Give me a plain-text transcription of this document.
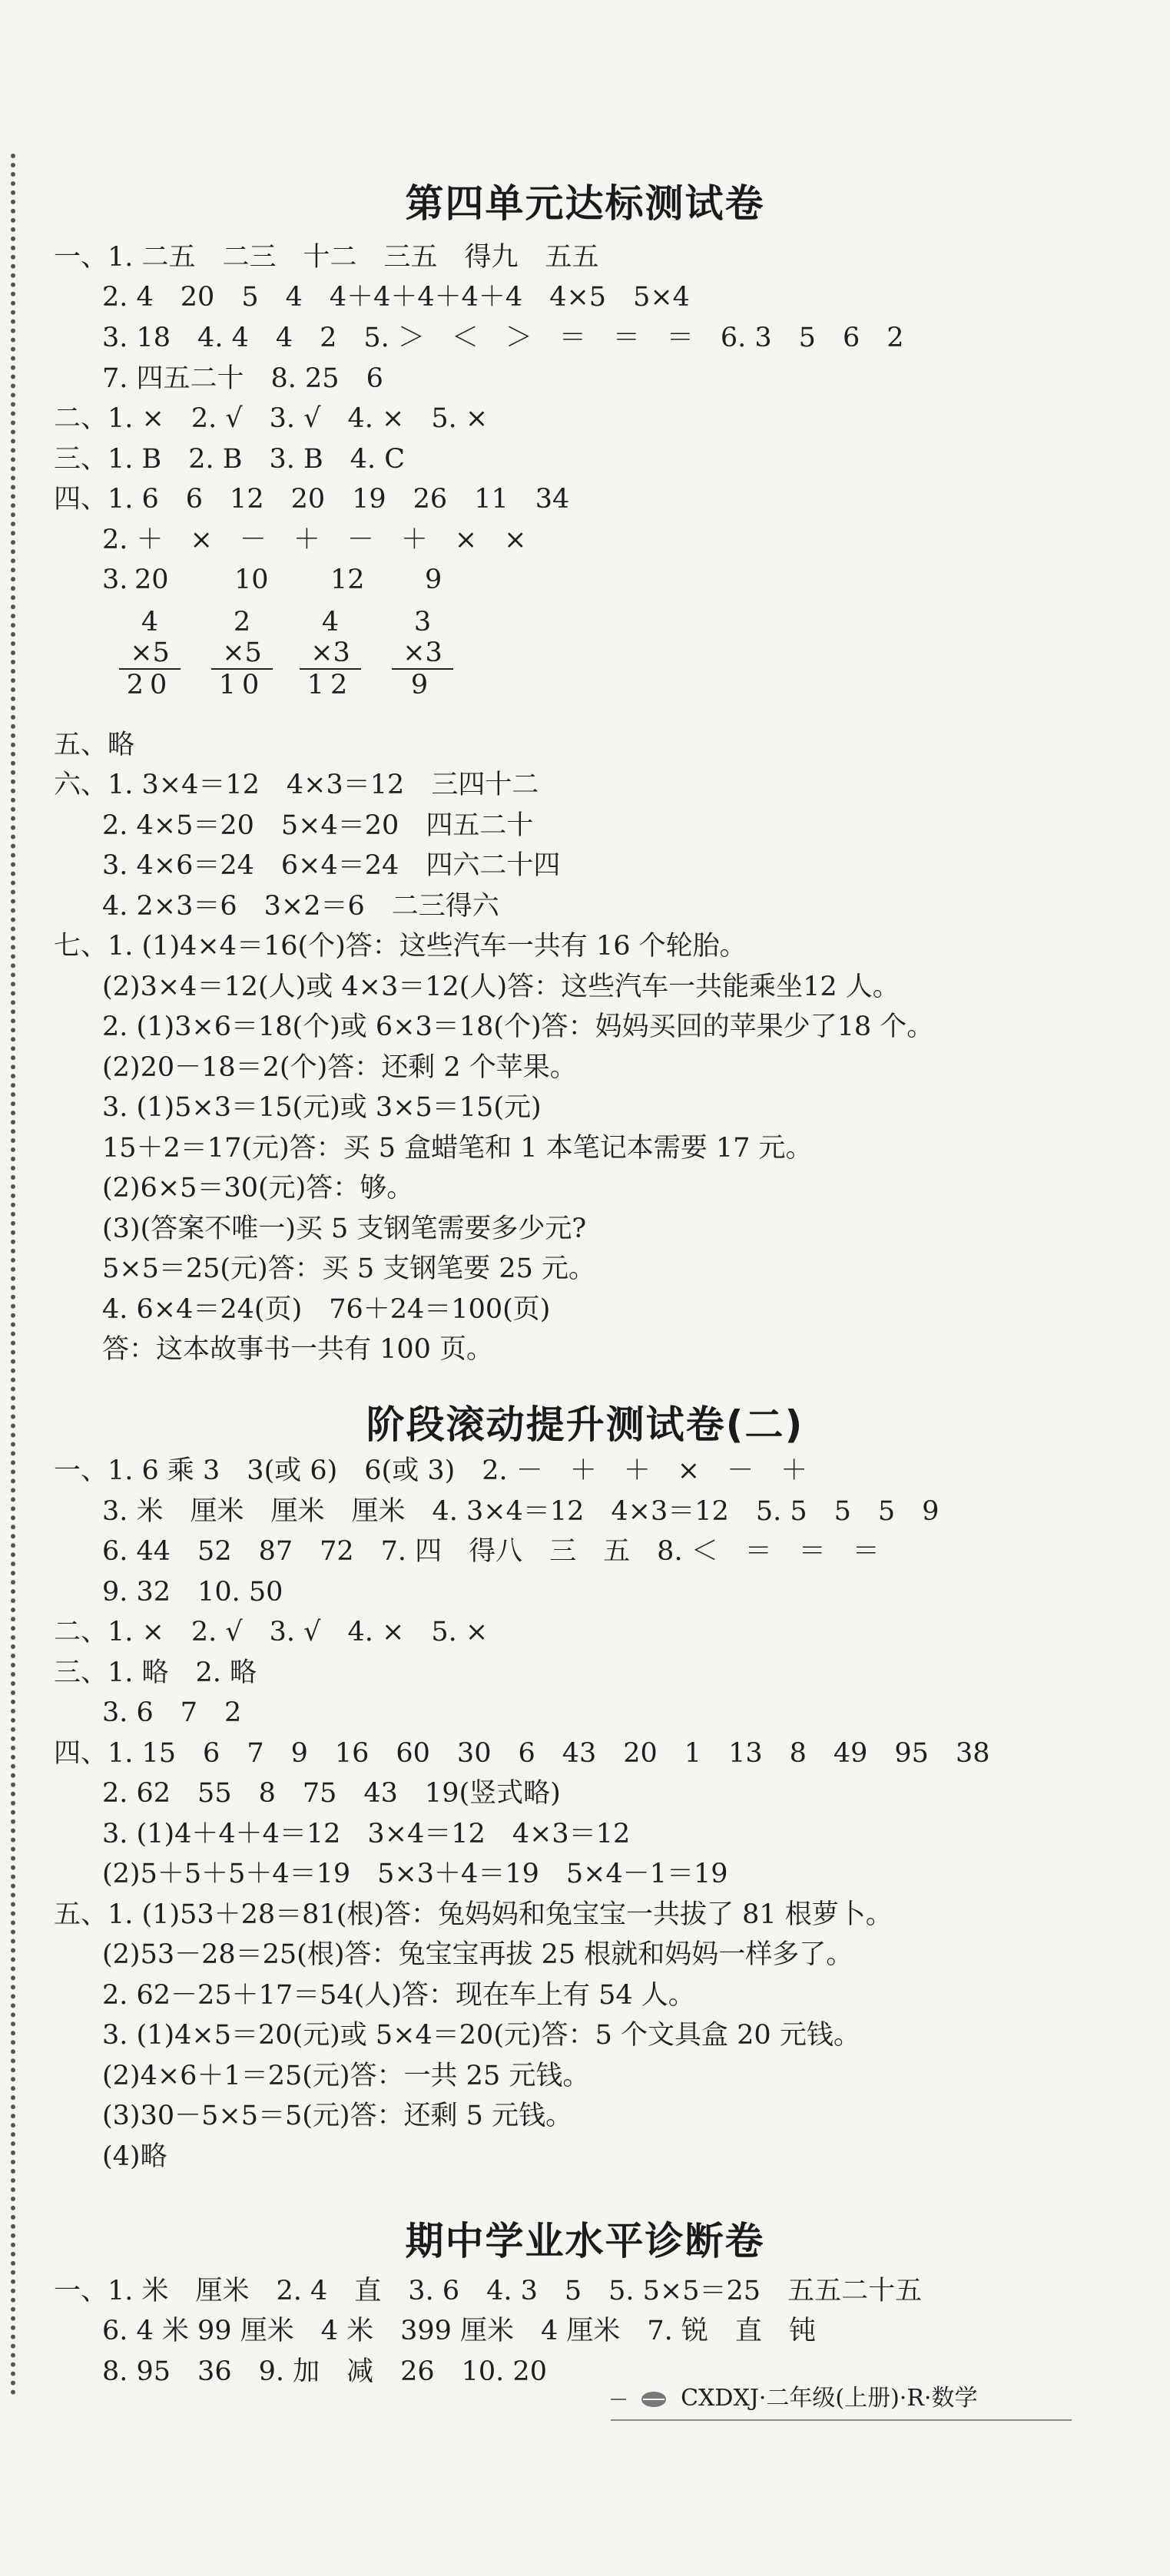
第四单元达标测试卷
一、1. 二五　二三　十二　三五　得九　五五
2. 4　20　5　4　4＋4＋4＋4＋4　4×5　5×4
3. 18　4. 4　4　2　5. ＞　＜　＞　＝　＝　＝　6. 3　5　6　2
7. 四五二十　8. 25　6
二、1. ×　2. √　3. √　4. ×　5. ×
三、1. B　2. B　3. B　4. C
四、1. 6　6　12　20　19　26　11　34
2. ＋　×　－　＋　－　＋　×　×
3. 20 10 12 9
4
×5
20
2
×5
10
4
×3
12
3
×3
9
五、略
六、1. 3×4＝12　4×3＝12　三四十二
2. 4×5＝20　5×4＝20　四五二十
3. 4×6＝24　6×4＝24　四六二十四
4. 2×3＝6　3×2＝6　二三得六
七、1. (1)4×4＝16(个)答：这些汽车一共有 16 个轮胎。
(2)3×4＝12(人)或 4×3＝12(人)答：这些汽车一共能乘坐12 人。
2. (1)3×6＝18(个)或 6×3＝18(个)答：妈妈买回的苹果少了18 个。
(2)20－18＝2(个)答：还剩 2 个苹果。
3. (1)5×3＝15(元)或 3×5＝15(元)
15＋2＝17(元)答：买 5 盒蜡笔和 1 本笔记本需要 17 元。
(2)6×5＝30(元)答：够。
(3)(答案不唯一)买 5 支钢笔需要多少元?
5×5＝25(元)答：买 5 支钢笔要 25 元。
4. 6×4＝24(页)　76＋24＝100(页)
答：这本故事书一共有 100 页。
阶段滚动提升测试卷(二)
一、1. 6 乘 3　3(或 6)　6(或 3)　2. －　＋　＋　×　－　＋
3. 米　厘米　厘米　厘米　4. 3×4＝12　4×3＝12　5. 5　5　5　9
6. 44　52　87　72　7. 四　得八　三　五　8. ＜　＝　＝　＝
9. 32　10. 50
二、1. ×　2. √　3. √　4. ×　5. ×
三、1. 略　2. 略
3. 6　7　2
四、1. 15　6　7　9　16　60　30　6　43　20　1　13　8　49　95　38
2. 62　55　8　75　43　19(竖式略)
3. (1)4＋4＋4＝12　3×4＝12　4×3＝12
(2)5＋5＋5＋4＝19　5×3＋4＝19　5×4－1＝19
五、1. (1)53＋28＝81(根)答：兔妈妈和兔宝宝一共拔了 81 根萝卜。
(2)53－28＝25(根)答：兔宝宝再拔 25 根就和妈妈一样多了。
2. 62－25＋17＝54(人)答：现在车上有 54 人。
3. (1)4×5＝20(元)或 5×4＝20(元)答：5 个文具盒 20 元钱。
(2)4×6＋1＝25(元)答：一共 25 元钱。
(3)30－5×5＝5(元)答：还剩 5 元钱。
(4)略
期中学业水平诊断卷
一、1. 米　厘米　2. 4　直　3. 6　4. 3　5　5. 5×5＝25　五五二十五
6. 4 米 99 厘米　4 米　399 厘米　4 厘米　7. 锐　直　钝
8. 95　36　9. 加　减　26　10. 20
CXDXJ·二年级(上册)·R·数学
